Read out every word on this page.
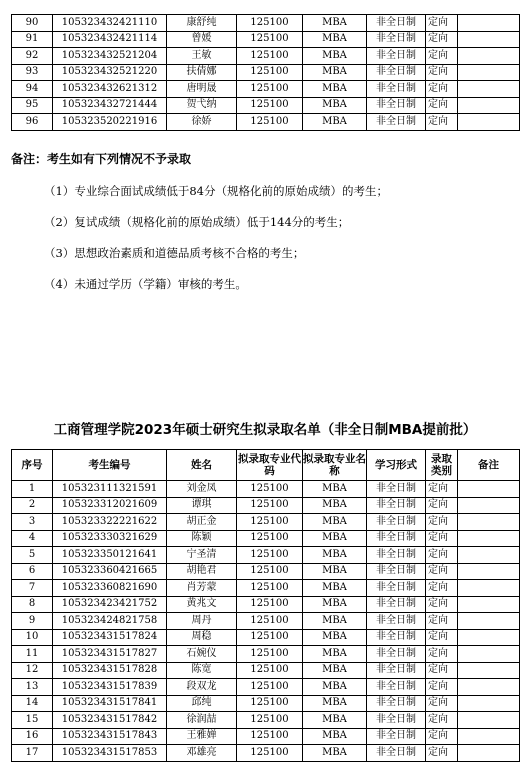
90	105323432421110	康舒纯	125100	MBA	非全日制	定向	
91	105323432421114	曾媛	125100	MBA	非全日制	定向	
92	105323432521204	王敏	125100	MBA	非全日制	定向	
93	105323432521220	扶倩娜	125100	MBA	非全日制	定向	
94	105323432621312	唐明晟	125100	MBA	非全日制	定向	
95	105323432721444	贺弋纳	125100	MBA	非全日制	定向	
96	105323520221916	徐娇	125100	MBA	非全日制	定向	
备注：考生如有下列情况不予录取
（1）专业综合面试成绩低于84分（规格化前的原始成绩）的考生；
（2）复试成绩（规格化前的原始成绩）低于144分的考生；
（3）思想政治素质和道德品质考核不合格的考生；
（4）未通过学历（学籍）审核的考生。
工商管理学院2023年硕士研究生拟录取名单（非全日制MBA提前批）
序号	考生编号	姓名	拟录取专业代码	拟录取专业名称	学习形式	录取类别	备注
1	105323111321591	刘金凤	125100	MBA	非全日制	定向	
2	105323312021609	谭琪	125100	MBA	非全日制	定向	
3	105323322221622	胡正金	125100	MBA	非全日制	定向	
4	105323330321629	陈颖	125100	MBA	非全日制	定向	
5	105323350121641	宁圣清	125100	MBA	非全日制	定向	
6	105323360421665	胡艳君	125100	MBA	非全日制	定向	
7	105323360821690	肖芳蒙	125100	MBA	非全日制	定向	
8	105323423421752	黄兆文	125100	MBA	非全日制	定向	
9	105323424821758	周丹	125100	MBA	非全日制	定向	
10	105323431517824	周稳	125100	MBA	非全日制	定向	
11	105323431517827	石婉仪	125100	MBA	非全日制	定向	
12	105323431517828	陈宽	125100	MBA	非全日制	定向	
13	105323431517839	段双龙	125100	MBA	非全日制	定向	
14	105323431517841	邱纯	125100	MBA	非全日制	定向	
15	105323431517842	徐润喆	125100	MBA	非全日制	定向	
16	105323431517843	王雅婵	125100	MBA	非全日制	定向	
17	105323431517853	邓雄亮	125100	MBA	非全日制	定向	
